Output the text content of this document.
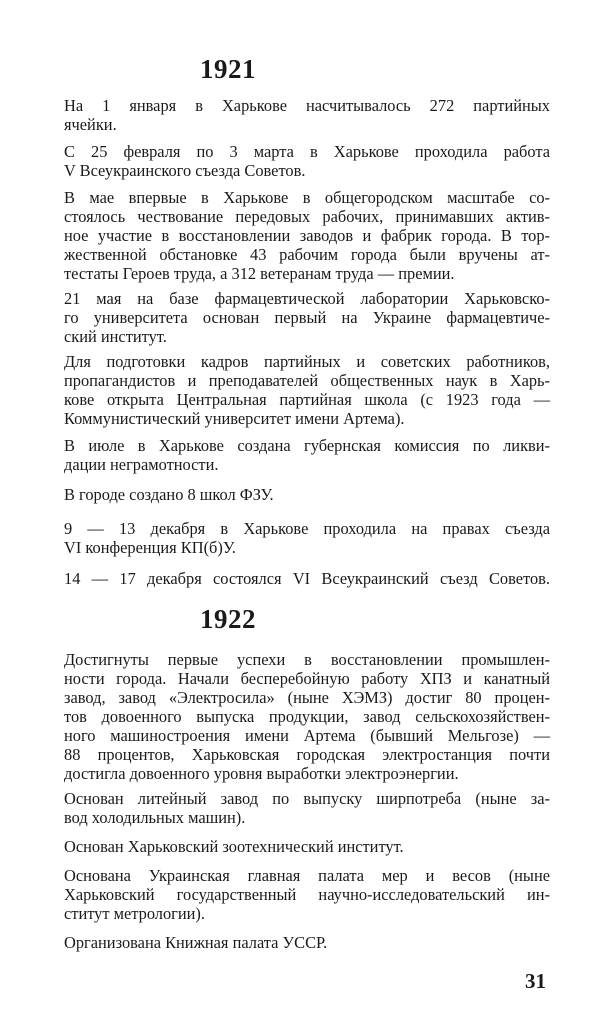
1921
На 1 января в Харькове насчитывалось 272 партийных
ячейки.
С 25 февраля по 3 марта в Харькове проходила работа
V Всеукраинского съезда Советов.
В мае впервые в Харькове в общегородском масштабе со-
стоялось чествование передовых рабочих, принимавших актив-
ное участие в восстановлении заводов и фабрик города. В тор-
жественной обстановке 43 рабочим города были вручены ат-
тестаты Героев труда, а 312 ветеранам труда — премии.
21 мая на базе фармацевтической лаборатории Харьковско-
го университета основан первый на Украине фармацевтиче-
ский институт.
Для подготовки кадров партийных и советских работников,
пропагандистов и преподавателей общественных наук в Харь-
кове открыта Центральная партийная школа (с 1923 года —
Коммунистический университет имени Артема).
В июле в Харькове создана губернская комиссия по ликви-
дации неграмотности.
В городе создано 8 школ ФЗУ.
9 — 13 декабря в Харькове проходила на правах съезда
VI конференция КП(б)У.
14 — 17 декабря состоялся VI Всеукраинский съезд Советов.
1922
Достигнуты первые успехи в восстановлении промышлен-
ности города. Начали бесперебойную работу ХПЗ и канатный
завод, завод «Электросила» (ныне ХЭМЗ) достиг 80 процен-
тов довоенного выпуска продукции, завод сельскохозяйствен-
ного машиностроения имени Артема (бывший Мельгозе) —
88 процентов, Харьковская городская электростанция почти
достигла довоенного уровня выработки электроэнергии.
Основан литейный завод по выпуску ширпотреба (ныне за-
вод холодильных машин).
Основан Харьковский зоотехнический институт.
Основана Украинская главная палата мер и весов (ныне
Харьковский государственный научно-исследовательский ин-
ститут метрологии).
Организована Книжная палата УССР.
31
